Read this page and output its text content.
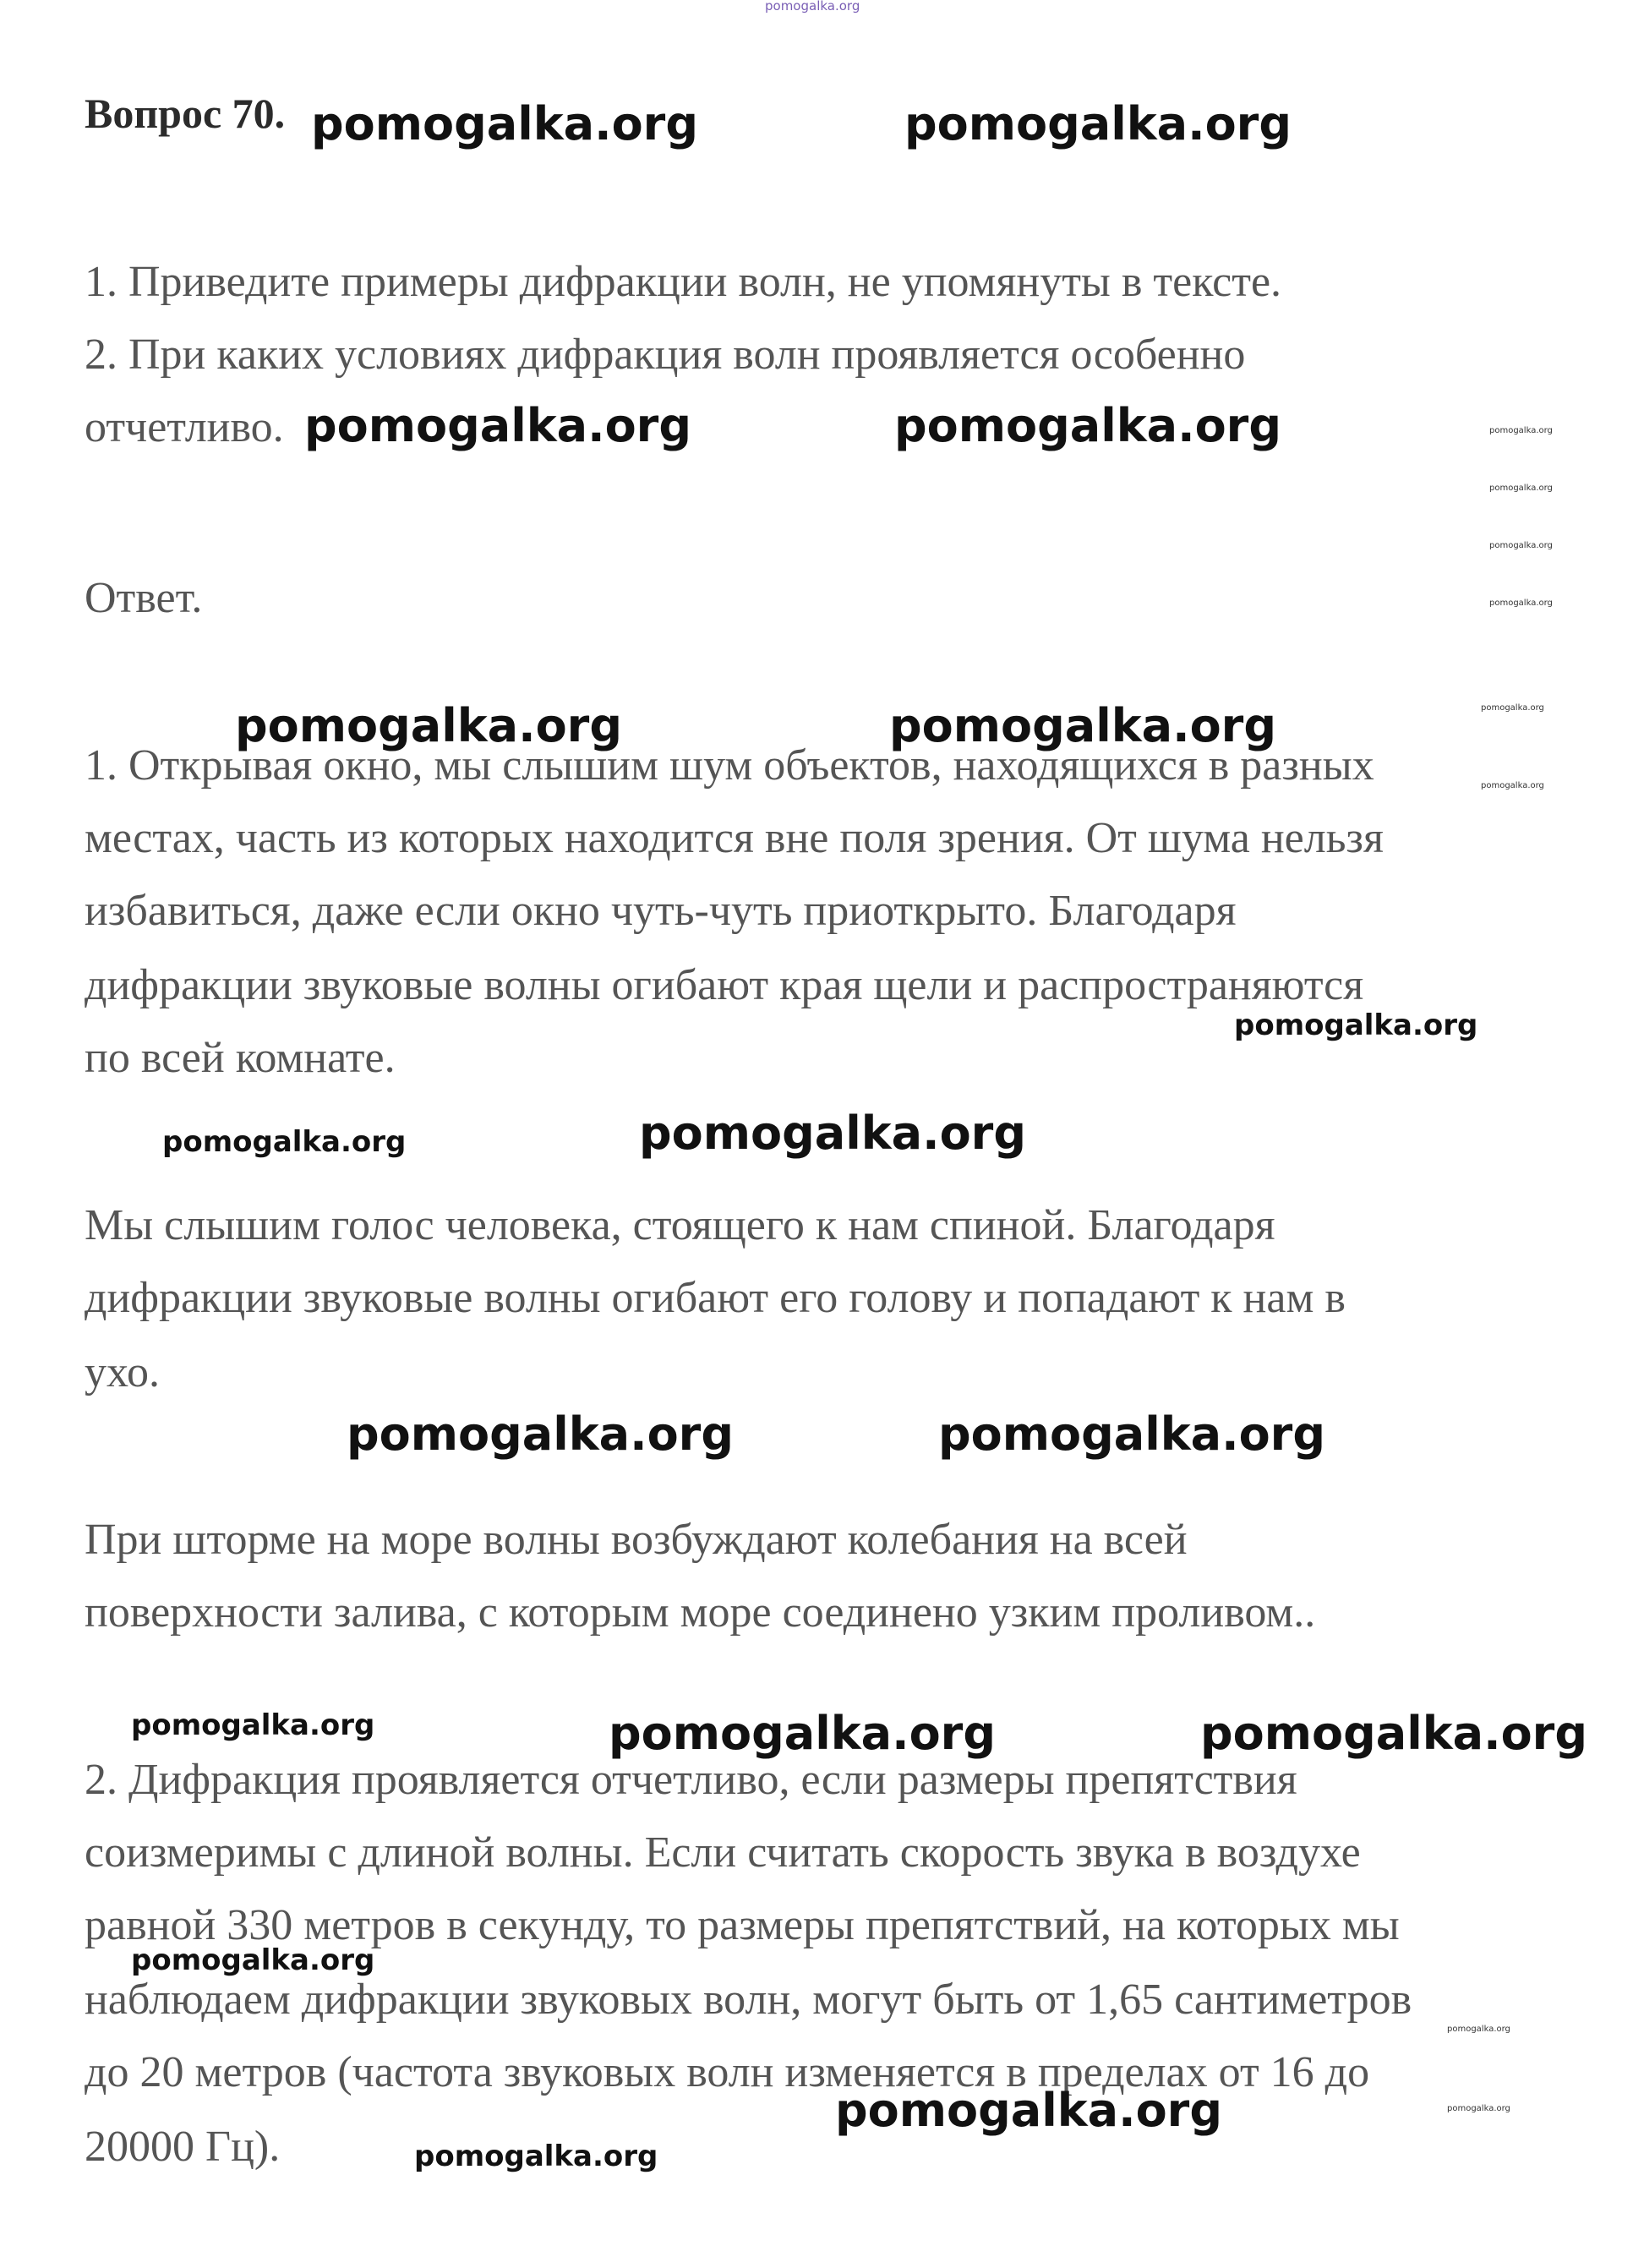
pomogalka.org
Вопрос 70.
1. Приведите примеры дифракции волн, не упомянуты в тексте.
2. При каких условиях дифракция волн проявляется особенно
отчетливо.
Ответ.
1. Открывая окно, мы слышим шум объектов, находящихся в разных
местах, часть из которых находится вне поля зрения. От шума нельзя
избавиться, даже если окно чуть-чуть приоткрыто. Благодаря
дифракции звуковые волны огибают края щели и распространяются
по всей комнате.
Мы слышим голос человека, стоящего к нам спиной. Благодаря
дифракции звуковые волны огибают его голову и попадают к нам в
ухо.
При шторме на море волны возбуждают колебания на всей
поверхности залива, с которым море соединено узким проливом..
2. Дифракция проявляется отчетливо, если размеры препятствия
соизмеримы с длиной волны. Если считать скорость звука в воздухе
равной 330 метров в секунду, то размеры препятствий, на которых мы
наблюдаем дифракции звуковых волн, могут быть от 1,65 сантиметров
до 20 метров (частота звуковых волн изменяется в пределах от 16 до
20000 Гц).
pomogalka.org	pomogalka.org
pomogalka.org	pomogalka.org
pomogalka.org	pomogalka.org
pomogalka.org
pomogalka.org	pomogalka.org
pomogalka.org	pomogalka.org
pomogalka.org
pomogalka.org
pomogalka.org
pomogalka.org
pomogalka.org
pomogalka.org
pomogalka.org
pomogalka.org
pomogalka.org
pomogalka.org
pomogalka.org
pomogalka.org
pomogalka.org
pomogalka.org
